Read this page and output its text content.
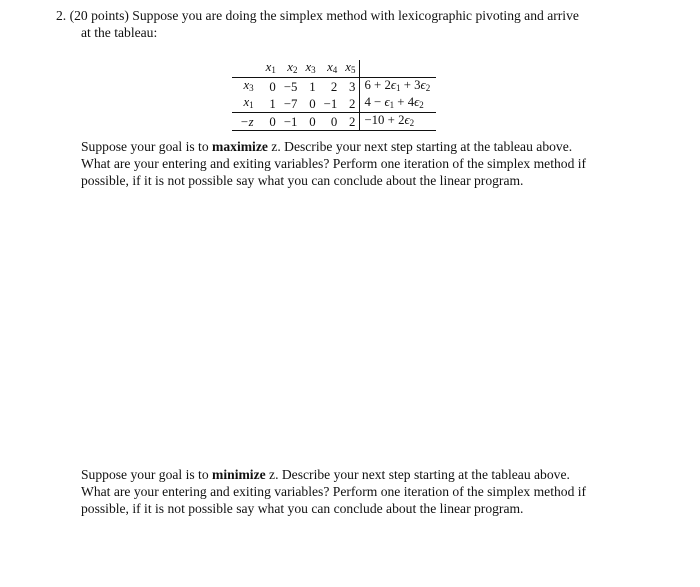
2. (20 points) Suppose you are doing the simplex method with lexicographic pivoting and arrive
at the tableau:
	$x_1$	$x_2$	$x_3$	$x_4$	$x_5$	
$x_3$	0	−5	1	2	3	$6 + 2\epsilon_1 + 3\epsilon_2$
$x_1$	1	−7	0	−1	2	$4 - \epsilon_1 + 4\epsilon_2$
−z	0	−1	0	0	2	$-10 + 2\epsilon_2$
Suppose your goal is to maximize z. Describe your next step starting at the tableau above.
What are your entering and exiting variables? Perform one iteration of the simplex method if
possible, if it is not possible say what you can conclude about the linear program.
Suppose your goal is to minimize z. Describe your next step starting at the tableau above.
What are your entering and exiting variables? Perform one iteration of the simplex method if
possible, if it is not possible say what you can conclude about the linear program.
